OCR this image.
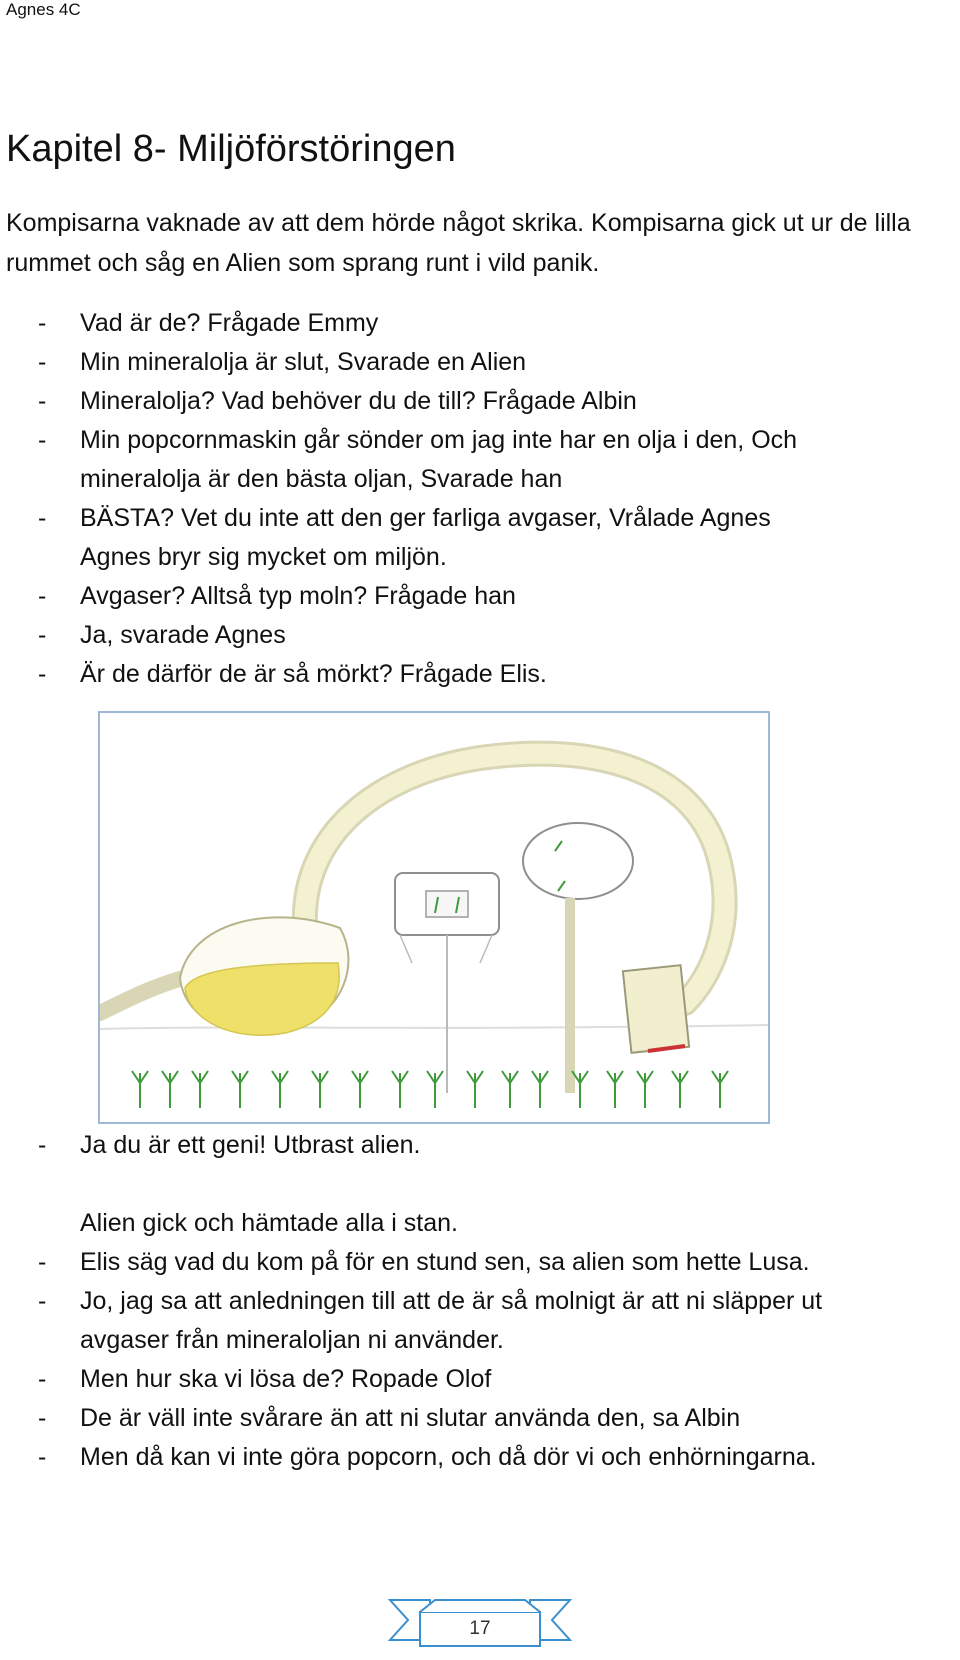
Agnes 4C
Kapitel 8- Miljöförstöringen
Kompisarna vaknade av att dem hörde något skrika. Kompisarna gick ut ur de lilla rummet och såg en Alien som sprang runt i vild panik.
- Vad är de? Frågade Emmy
- Min mineralolja är slut, Svarade en Alien
- Mineralolja? Vad behöver du de till? Frågade Albin
- Min popcornmaskin går sönder om jag inte har en olja i den, Och
mineralolja är den bästa oljan, Svarade han
- BÄSTA? Vet du inte att den ger farliga avgaser, Vrålade Agnes
Agnes bryr sig mycket om miljön.
- Avgaser? Alltså typ moln? Frågade han
- Ja, svarade Agnes
- Är de därför de är så mörkt? Frågade Elis.
- Ja du är ett geni! Utbrast alien.
Alien gick och hämtade alla i stan.
- Elis säg vad du kom på för en stund sen, sa alien som hette Lusa.
- Jo, jag sa att anledningen till att de är så molnigt är att ni släpper ut
avgaser från mineraloljan ni använder.
- Men hur ska vi lösa de? Ropade Olof
- De är väll inte svårare än att ni slutar använda den, sa Albin
- Men då kan vi inte göra popcorn, och då dör vi och enhörningarna.
17
